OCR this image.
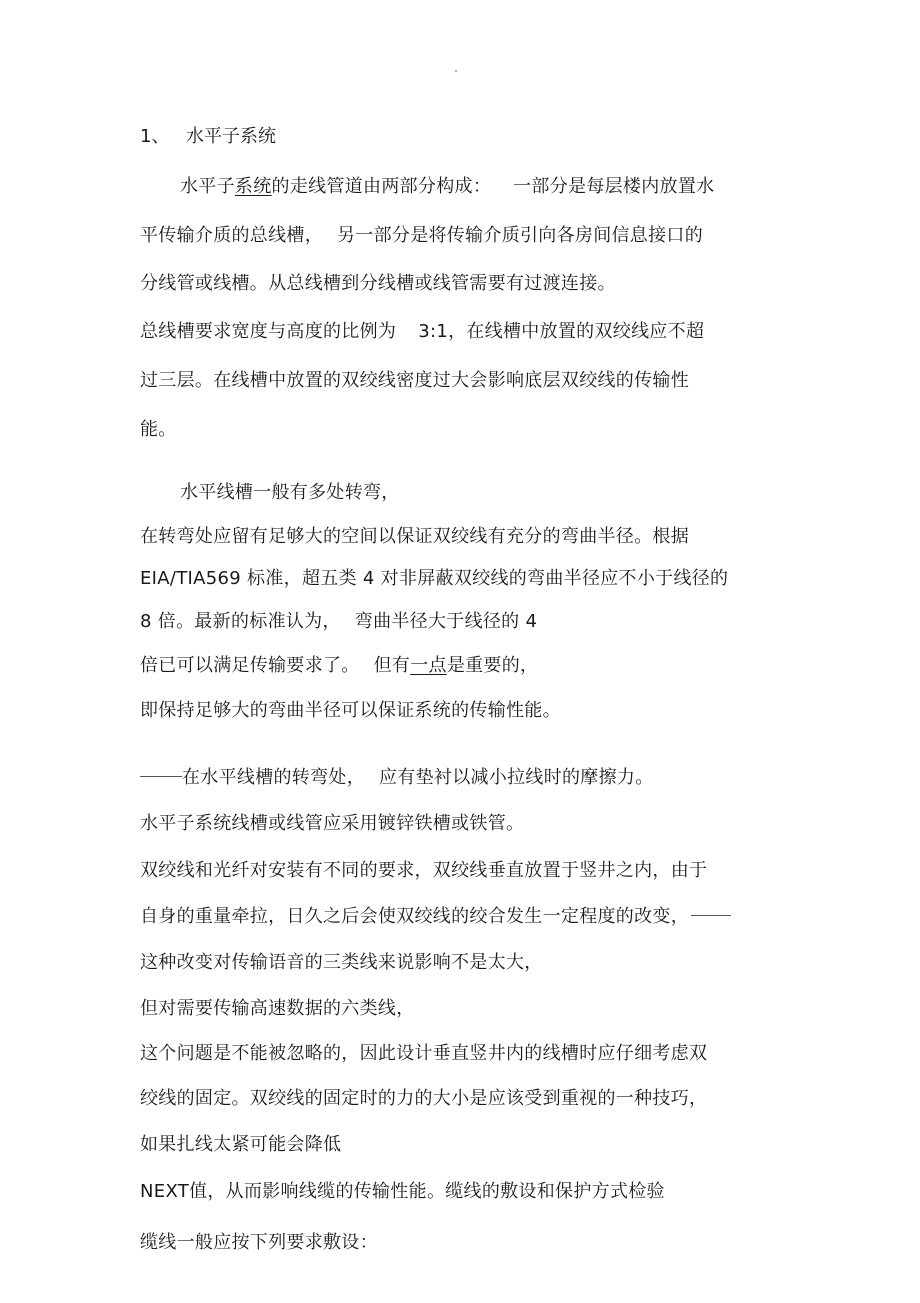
1、 水平子系统
水平子系统的走线管道由两部分构成： 一部分是每层楼内放置水
平传输介质的总线槽， 另一部分是将传输介质引向各房间信息接口的
分线管或线槽。从总线槽到分线槽或线管需要有过渡连接。
总线槽要求宽度与高度的比例为 3:1，在线槽中放置的双绞线应不超
过三层。在线槽中放置的双绞线密度过大会影响底层双绞线的传输性
能。
水平线槽一般有多处转弯，
在转弯处应留有足够大的空间以保证双绞线有充分的弯曲半径。根据
EIA/TIA569 标准，超五类 4 对非屏蔽双绞线的弯曲半径应不小于线径的
8 倍。最新的标准认为， 弯曲半径大于线径的 4
倍已可以满足传输要求了。 但有一点是重要的，
即保持足够大的弯曲半径可以保证系统的传输性能。
在水平线槽的转弯处， 应有垫衬以减小拉线时的摩擦力。
水平子系统线槽或线管应采用镀锌铁槽或铁管。
双绞线和光纤对安装有不同的要求，双绞线垂直放置于竖井之内，由于
自身的重量牵拉，日久之后会使双绞线的绞合发生一定程度的改变，
这种改变对传输语音的三类线来说影响不是太大，
但对需要传输高速数据的六类线，
这个问题是不能被忽略的，因此设计垂直竖井内的线槽时应仔细考虑双
绞线的固定。双绞线的固定时的力的大小是应该受到重视的一种技巧，
如果扎线太紧可能会降低
NEXT值，从而影响线缆的传输性能。缆线的敷设和保护方式检验
缆线一般应按下列要求敷设：
